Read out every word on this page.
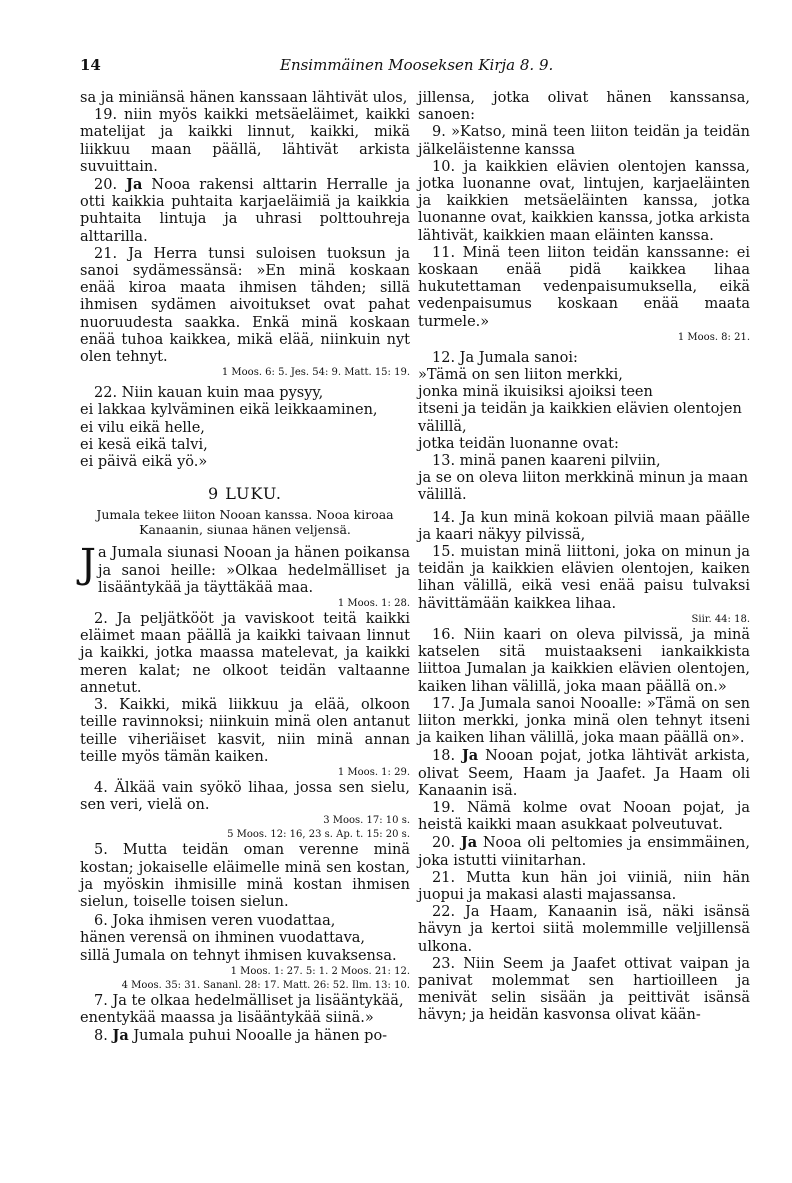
14	Ensimmäinen Mooseksen Kirja 8. 9.

sa ja miniänsä hänen kanssaan lähtivät ulos,

19. niin myös kaikki metsäeläimet, kaikki matelijat ja kaikki linnut, kaikki, mikä liikkuu maan päällä, lähtivät arkista suvuittain.

20. Ja Nooa rakensi alttarin Herralle ja otti kaikkia puhtaita karjaeläimiä ja kaikkia puhtaita lintuja ja uhrasi polttouhreja alttarilla.

21. Ja Herra tunsi suloisen tuoksun ja sanoi sydämessänsä: »En minä koskaan enää kiroa maata ihmisen tähden; sillä ihmisen sydämen aivoitukset ovat pahat nuoruudesta saakka. Enkä minä koskaan enää tuhoa kaikkea, mikä elää, niinkuin nyt olen tehnyt.

1 Moos. 6: 5. Jes. 54: 9. Matt. 15: 19.

22. Niin kauan kuin maa pysyy,
ei lakkaa kylväminen eikä leikkaaminen,
ei vilu eikä helle,
ei kesä eikä talvi,
ei päivä eikä yö.»
9 LUKU.
Jumala tekee liiton Nooan kanssa. Nooa kiroaa Kanaanin, siunaa hänen veljensä.

Ja Jumala siunasi Nooan ja hänen poikansa ja sanoi heille: »Olkaa hedelmälliset ja lisääntykää ja täyttäkää maa.

1 Moos. 1: 28.

2. Ja peljätkööt ja vaviskoot teitä kaikki eläimet maan päällä ja kaikki taivaan linnut ja kaikki, jotka maassa matelevat, ja kaikki meren kalat; ne olkoot teidän valtaanne annetut.

3. Kaikki, mikä liikkuu ja elää, olkoon teille ravinnoksi; niinkuin minä olen antanut teille viheriäiset kasvit, niin minä annan teille myös tämän kaiken.

1 Moos. 1: 29.

4. Älkää vain syökö lihaa, jossa sen sielu, sen veri, vielä on.

3 Moos. 17: 10 s.

5 Moos. 12: 16, 23 s. Ap. t. 15: 20 s.

5. Mutta teidän oman verenne minä kostan; jokaiselle eläimelle minä sen kostan, ja myöskin ihmisille minä kostan ihmisen sielun, toiselle toisen sielun.

6. Joka ihmisen veren vuodattaa,
hänen verensä on ihminen vuodattava,
sillä Jumala on tehnyt ihmisen kuvaksensa.

1 Moos. 1: 27. 5: 1. 2 Moos. 21: 12.

4 Moos. 35: 31. Sananl. 28: 17. Matt. 26: 52. Ilm. 13: 10.

7. Ja te olkaa hedelmälliset ja lisääntykää,
enentykää maassa ja lisääntykää siinä.»

8. Ja Jumala puhui Nooalle ja hänen po-

jillensa, jotka olivat hänen kanssansa, sanoen:

9. »Katso, minä teen liiton teidän ja teidän jälkeläistenne kanssa

10. ja kaikkien elävien olentojen kanssa, jotka luonanne ovat, lintujen, karjaeläinten ja kaikkien metsäeläinten kanssa, jotka luonanne ovat, kaikkien kanssa, jotka arkista lähtivät, kaikkien maan eläinten kanssa.

11. Minä teen liiton teidän kanssanne: ei koskaan enää pidä kaikkea lihaa hukutettaman vedenpaisumuksella, eikä vedenpaisumus koskaan enää maata turmele.»

1 Moos. 8: 21.

12. Ja Jumala sanoi:
»Tämä on sen liiton merkki,
jonka minä ikuisiksi ajoiksi teen
itseni ja teidän ja kaikkien elävien olentojen välillä,
jotka teidän luonanne ovat:
13. minä panen kaareni pilviin,
ja se on oleva liiton merkkinä minun ja maan välillä.

14. Ja kun minä kokoan pilviä maan päälle ja kaari näkyy pilvissä,

15. muistan minä liittoni, joka on minun ja teidän ja kaikkien elävien olentojen, kaiken lihan välillä, eikä vesi enää paisu tulvaksi hävittämään kaikkea lihaa.

Siir. 44: 18.

16. Niin kaari on oleva pilvissä, ja minä katselen sitä muistaakseni iankaikkista liittoa Jumalan ja kaikkien elävien olentojen, kaiken lihan välillä, joka maan päällä on.»

17. Ja Jumala sanoi Nooalle: »Tämä on sen liiton merkki, jonka minä olen tehnyt itseni ja kaiken lihan välillä, joka maan päällä on».

18. Ja Nooan pojat, jotka lähtivät arkista, olivat Seem, Haam ja Jaafet. Ja Haam oli Kanaanin isä.

19. Nämä kolme ovat Nooan pojat, ja heistä kaikki maan asukkaat polveutuvat.

20. Ja Nooa oli peltomies ja ensimmäinen, joka istutti viinitarhan.

21. Mutta kun hän joi viiniä, niin hän juopui ja makasi alasti majassansa.

22. Ja Haam, Kanaanin isä, näki isänsä hävyn ja kertoi siitä molemmille veljillensä ulkona.

23. Niin Seem ja Jaafet ottivat vaipan ja panivat molemmat sen hartioilleen ja menivät selin sisään ja peittivät isänsä hävyn; ja heidän kasvonsa olivat kään-
